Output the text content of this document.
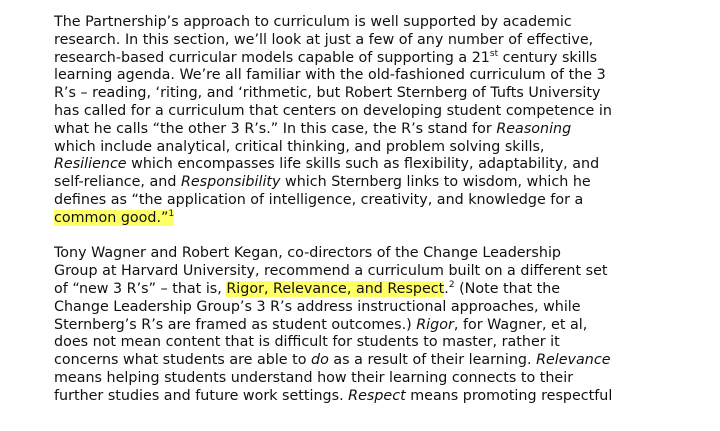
The Partnership’s approach to curriculum is well supported by academic
research. In this section, we’ll look at just a few of any number of effective,
research-based curricular models capable of supporting a 21st century skills
learning agenda. We’re all familiar with the old-fashioned curriculum of the 3
R’s – reading, ‘riting, and ‘rithmetic, but Robert Sternberg of Tufts University
has called for a curriculum that centers on developing student competence in
what he calls “the other 3 R’s.” In this case, the R’s stand for Reasoning
which include analytical, critical thinking, and problem solving skills,
Resilience which encompasses life skills such as flexibility, adaptability, and
self-reliance, and Responsibility which Sternberg links to wisdom, which he
defines as “the application of intelligence, creativity, and knowledge for a
common good.”$^1$
Tony Wagner and Robert Kegan, co-directors of the Change Leadership
Group at Harvard University, recommend a curriculum built on a different set
of “new 3 R’s” – that is, Rigor, Relevance, and Respect.$^2$ (Note that the
Change Leadership Group’s 3 R’s address instructional approaches, while
Sternberg’s R’s are framed as student outcomes.) Rigor, for Wagner, et al,
does not mean content that is difficult for students to master, rather it
concerns what students are able to do as a result of their learning. Relevance
means helping students understand how their learning connects to their
further studies and future work settings. Respect means promoting respectful
